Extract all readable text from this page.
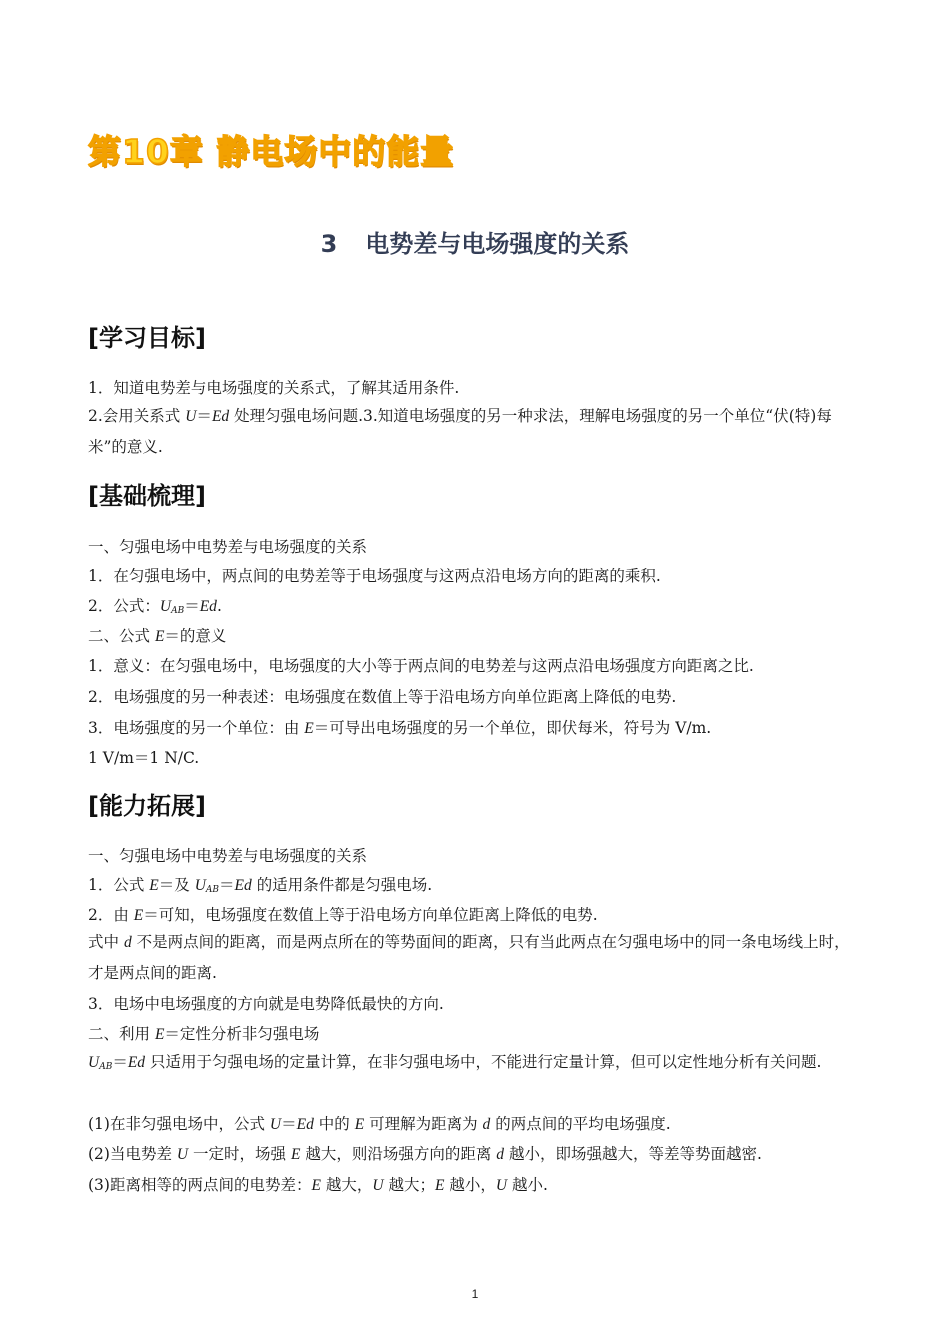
第10章 静电场中的能量
3 电势差与电场强度的关系
[学习目标]
1．知道电势差与电场强度的关系式，了解其适用条件.
2.会用关系式 U＝Ed 处理匀强电场问题.3.知道电场强度的另一种求法，理解电场强度的另一个单位“伏(特)每米”的意义.
[基础梳理]
一、匀强电场中电势差与电场强度的关系
1．在匀强电场中，两点间的电势差等于电场强度与这两点沿电场方向的距离的乘积.
2．公式：$U_{AB}=Ed$.
二、公式 E＝的意义
1．意义：在匀强电场中，电场强度的大小等于两点间的电势差与这两点沿电场强度方向距离之比.
2．电场强度的另一种表述：电场强度在数值上等于沿电场方向单位距离上降低的电势.
3．电场强度的另一个单位：由 E＝可导出电场强度的另一个单位，即伏每米，符号为 V/m.
1 V/m＝1 N/C.
[能力拓展]
一、匀强电场中电势差与电场强度的关系
1．公式 E＝及 $U_{AB}=Ed$ 的适用条件都是匀强电场.
2．由 E＝可知，电场强度在数值上等于沿电场方向单位距离上降低的电势.
式中 d 不是两点间的距离，而是两点所在的等势面间的距离，只有当此两点在匀强电场中的同一条电场线上时，才是两点间的距离.
3．电场中电场强度的方向就是电势降低最快的方向.
二、利用 E＝定性分析非匀强电场
$U_{AB}=Ed$ 只适用于匀强电场的定量计算，在非匀强电场中，不能进行定量计算，但可以定性地分析有关问题.
(1)在非匀强电场中，公式 U＝Ed 中的 E 可理解为距离为 d 的两点间的平均电场强度.
(2)当电势差 U 一定时，场强 E 越大，则沿场强方向的距离 d 越小，即场强越大，等差等势面越密.
(3)距离相等的两点间的电势差：E 越大，U 越大；E 越小，U 越小.
1
